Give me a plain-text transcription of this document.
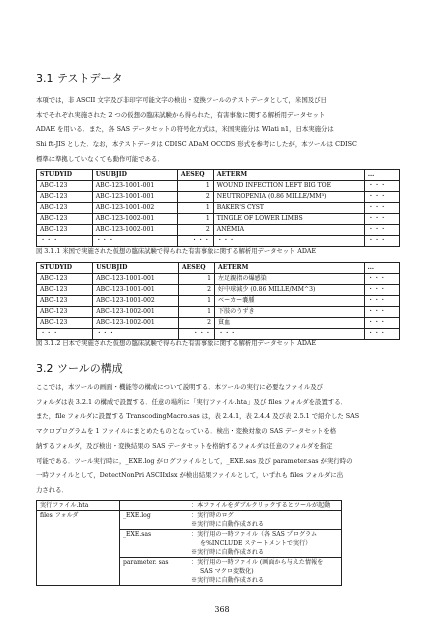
3.1 テストデータ
本項では，非 ASCII 文字及び非印字可能文字の検出・変換ツールのテストデータとして，米国及び日
本でそれぞれ実施された 2 つの仮想の臨床試験から得られた，有害事象に関する解析用データセット
ADAE を用いる．また，各 SAS データセットの符号化方式は，米国実施分は Wlati n1，日本実施分は
Shi ft-JIS とした．なお，本テストデータは CDISC ADaM OCCDS 形式を参考にしたが，本ツールは CDISC
標準に準拠していなくても動作可能である．
STUDYID	USUBJID	AESEQ	AETERM	...
ABC-123	ABC-123-1001-001	1	WOUND INFECTION LEFT BIG TOE	・・・
ABC-123	ABC-123-1001-001	2	NEUTROPENIA (0.86 MILLE/MM³)	・・・
ABC-123	ABC-123-1001-002	1	BAKER'S CYST	・・・
ABC-123	ABC-123-1002-001	1	TINGLE OF LOWER LIMBS	・・・
ABC-123	ABC-123-1002-001	2	ANÉMIA	・・・
・・・	・・・	・・・	・・・	・・・
図 3.1.1 米国で実施された仮想の臨床試験で得られた有害事象に関する解析用データセット ADAE
STUDYID	USUBJID	AESEQ	AETERM	...
ABC-123	ABC-123-1001-001	1	左足親指の爆感染	・・・
ABC-123	ABC-123-1001-001	2	好中球減少 (0.86 MILLE/MM^3)	・・・
ABC-123	ABC-123-1001-002	1	ベーカー嚢腫	・・・
ABC-123	ABC-123-1002-001	1	下肢のうずき	・・・
ABC-123	ABC-123-1002-001	2	貧血	・・・
・・・	・・・	・・・	・・・	・・・
図 3.1.2 日本で実施された仮想の臨床試験で得られた有害事象に関する解析用データセット ADAE
3.2 ツールの構成
ここでは，本ツールの画面・機能等の構成について説明する．本ツールの実行に必要なファイル及び
フォルダは表 3.2.1 の構成で設置する．任意の場所に「実行ファイル.hta」及び files フォルダを設置する．
また，file フォルダに設置する TranscodingMacro.sas は，表 2.4.1，表 2.4.4 及び表 2.5.1 で紹介した SAS
マクロプログラムを 1 ファイルにまとめたものとなっている．検出・変換対象の SAS データセットを格
納するフォルダ，及び検出・変換結果の SAS データセットを格納するフォルダは任意のフォルダを指定
可能である．ツール実行時に，_EXE.log がログファイルとして，_EXE.sas 及び parameter.sas が実行時の
一時ファイルとして，DetectNonPri ASCIIxlsx が検出結果ファイルとして，いずれも files フォルダに出
力される．
実行ファイル.hta		：本ファイルをダブルクリックするとツールが起動
files フォルダ	_EXE.log	：実行時のログ
		※実行時に自動作成される
	_EXE.sas	：実行用の一時ファイル（各 SAS プログラム
		を%INCLUDE ステートメントで実行）
		※実行時に自動作成される
	parameter. sas	：実行用の一時ファイル (画面から与えた情報を
		SAS マクロ変数化)
		※実行時に自動作成される
368
